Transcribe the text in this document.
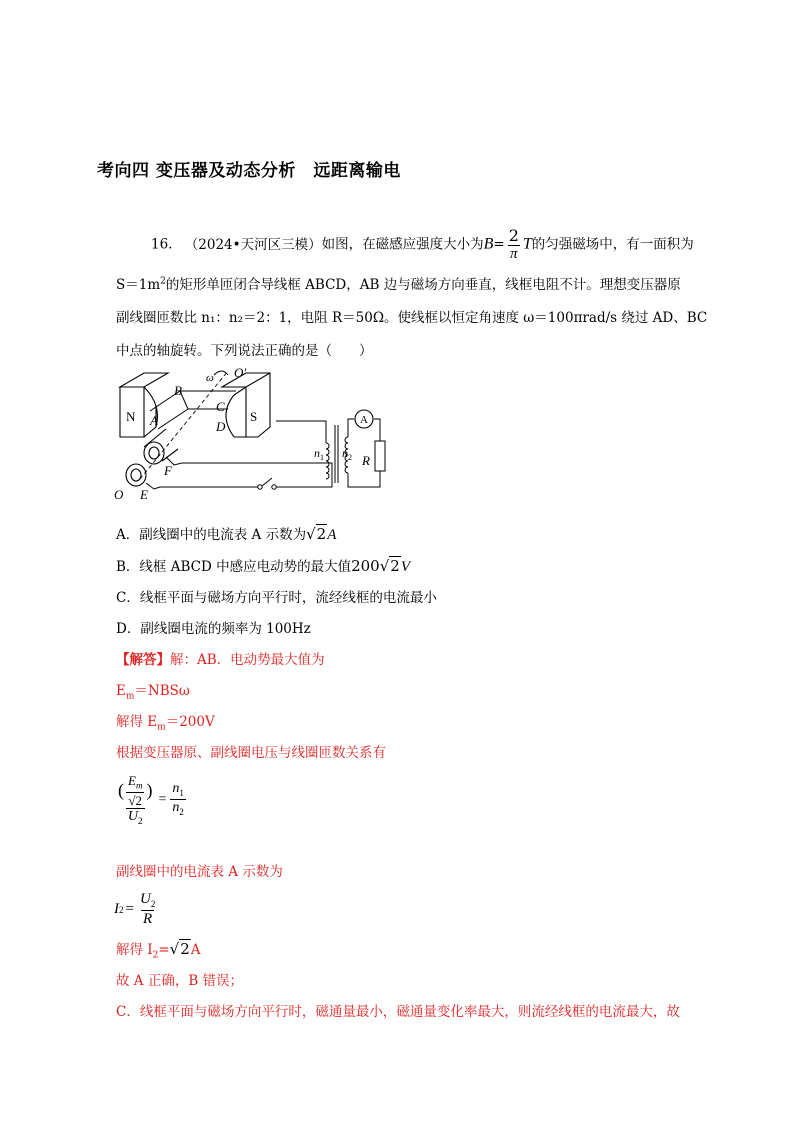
考向四 变压器及动态分析　远距离输电
16. （2024•天河区三模）如图，在磁感应强度大小为$B= \frac{2}{\pi}$ T的匀强磁场中，有一面积为
$S=1m^2$的矩形单匝闭合导线框 ABCD，AB 边与磁场方向垂直，线框电阻不计。理想变压器原
副线圈匝数比 n₁：n₂＝2：1，电阻 R＝50Ω。使线框以恒定角速度 ω＝100πrad/s 绕过 AD、BC
中点的轴旋转。下列说法正确的是（　　）
A
N	S
A
B
C
D
F
O E
O′
ω
R
$n_1$ $n_2$
A．副线圈中的电流表 A 示数为√2A
B．线框 ABCD 中感应电动势的最大值200√2V
C．线框平面与磁场方向平行时，流经线框的电流最小
D．副线圈电流的频率为 100Hz
【解答】解：AB．电动势最大值为
$E_m=NBS\omega$
解得 $E_m=200V$
根据变压器原、副线圈电压与线圈匝数关系有
$\frac{( \frac{E_m}{√2} )}{U_2} = \frac{n_1}{n_2}$
副线圈中的电流表 A 示数为
I $2 = \frac{U_2}{R}$
解得 $I_2=√2A$
故 A 正确，B 错误；
C．线框平面与磁场方向平行时，磁通量最小，磁通量变化率最大，则流经线框的电流最大，故
